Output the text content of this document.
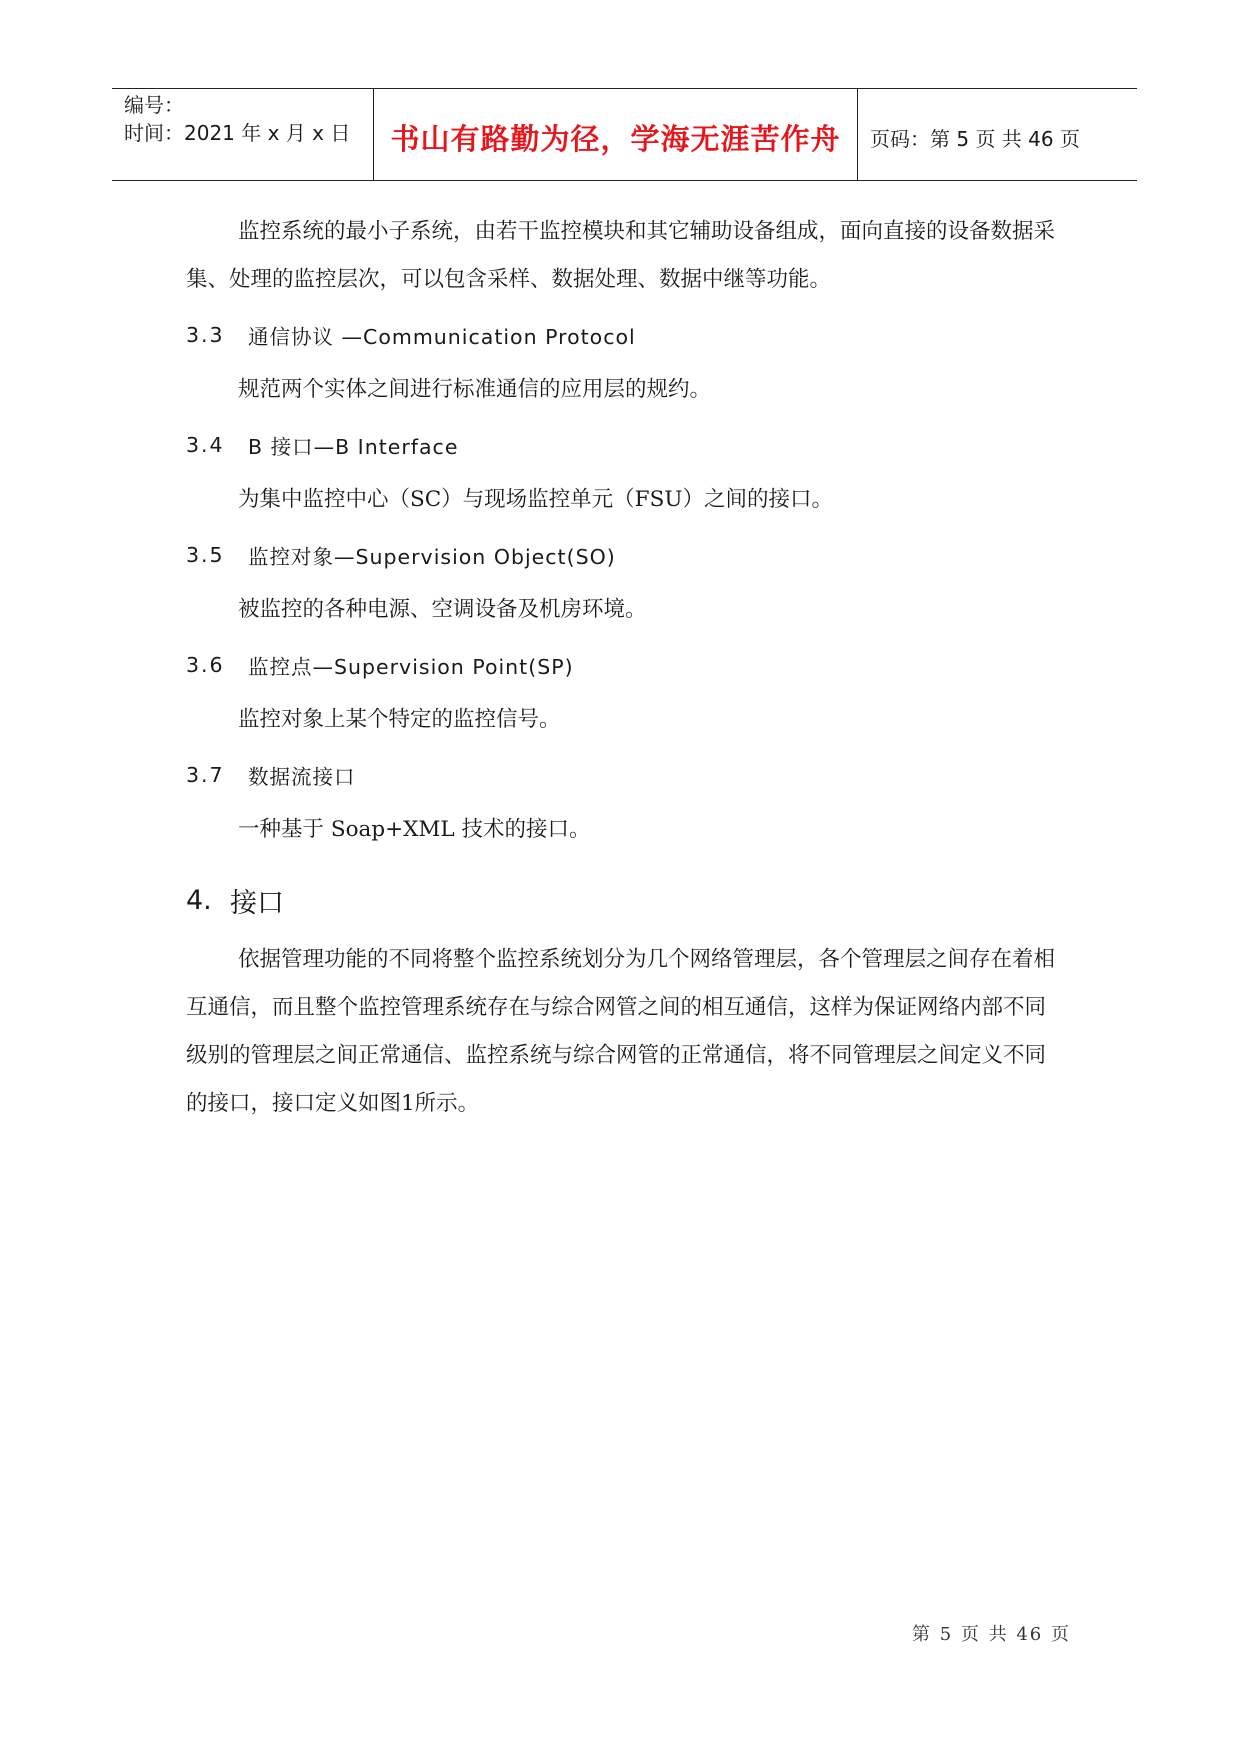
编号：
时间：2021 年 x 月 x 日	书山有路勤为径，学海无涯苦作舟	页码：第 5 页 共 46 页

监控系统的最小子系统，由若干监控模块和其它辅助设备组成，面向直接的设备数据采集、处理的监控层次，可以包含采样、数据处理、数据中继等功能。

3.3	通信协议 —Communication Protocol

规范两个实体之间进行标准通信的应用层的规约。

3.4	B 接口—B Interface

为集中监控中心（SC）与现场监控单元（FSU）之间的接口。

3.5	监控对象—Supervision Object(SO)

被监控的各种电源、空调设备及机房环境。

3.6	监控点—Supervision Point(SP)

监控对象上某个特定的监控信号。

3.7	数据流接口

一种基于 Soap+XML 技术的接口。

4. 接口

依据管理功能的不同将整个监控系统划分为几个网络管理层，各个管理层之间存在着相互通信，而且整个监控管理系统存在与综合网管之间的相互通信，这样为保证网络内部不同级别的管理层之间正常通信、监控系统与综合网管的正常通信，将不同管理层之间定义不同的接口，接口定义如图1所示。

第 5 页 共 46 页
